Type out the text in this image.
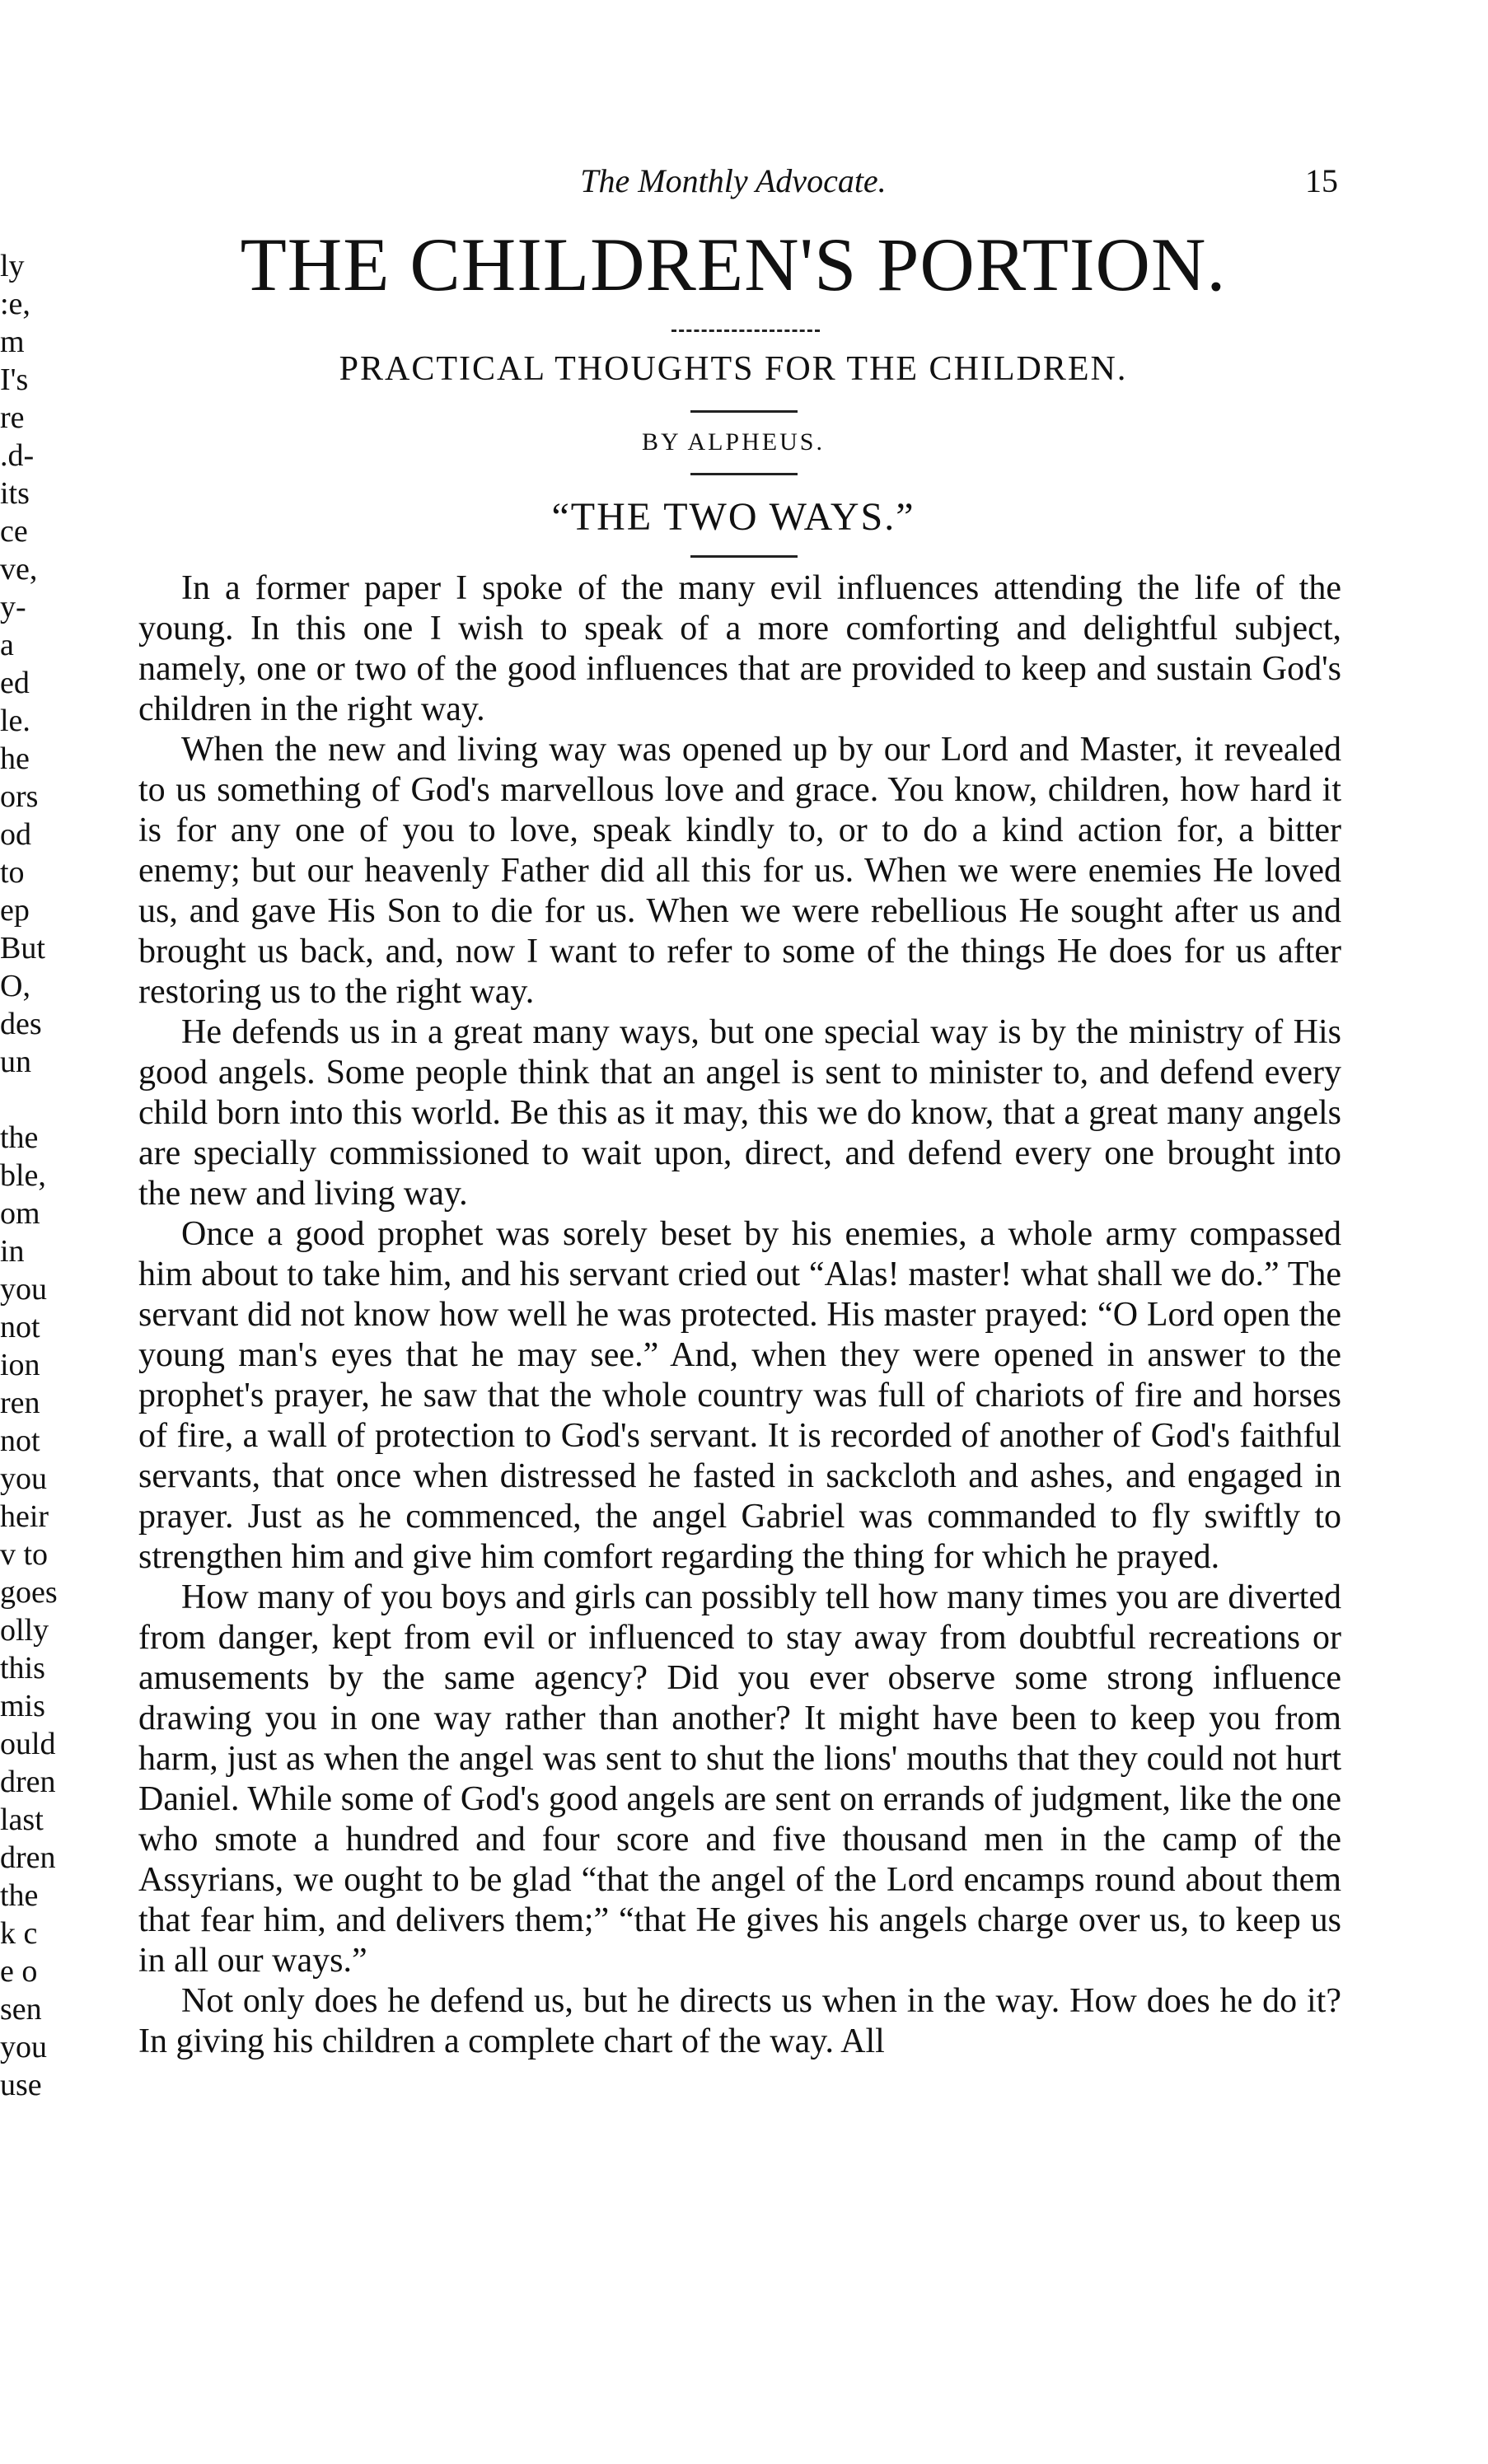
ly
:e,
m
I's
re
.d-
its
ce
ve,
y-
a
ed
le.
he
ors
od
to
ep
But
O,
des
un
the
ble,
om
in
you
not
ion
ren
not
you
heir
v to
goes
olly
this
mis
ould
dren
last
dren
the
k c
e o
sen
you
use
The Monthly Advocate.	15
THE CHILDREN'S PORTION.
PRACTICAL THOUGHTS FOR THE CHILDREN.
BY ALPHEUS.
“THE TWO WAYS.”

In a former paper I spoke of the many evil influences attending the life of the young. In this one I wish to speak of a more comforting and delightful subject, namely, one or two of the good influences that are provided to keep and sustain God's children in the right way.

When the new and living way was opened up by our Lord and Master, it revealed to us something of God's marvellous love and grace. You know, children, how hard it is for any one of you to love, speak kindly to, or to do a kind action for, a bitter enemy; but our heavenly Father did all this for us. When we were enemies He loved us, and gave His Son to die for us. When we were rebellious He sought after us and brought us back, and, now I want to refer to some of the things He does for us after restoring us to the right way.

He defends us in a great many ways, but one special way is by the ministry of His good angels. Some people think that an angel is sent to minister to, and defend every child born into this world. Be this as it may, this we do know, that a great many angels are specially commissioned to wait upon, direct, and defend every one brought into the new and living way.

Once a good prophet was sorely beset by his enemies, a whole army compassed him about to take him, and his servant cried out “Alas! master! what shall we do.” The servant did not know how well he was protected. His master prayed: “O Lord open the young man's eyes that he may see.” And, when they were opened in answer to the prophet's prayer, he saw that the whole country was full of chariots of fire and horses of fire, a wall of protection to God's servant. It is recorded of another of God's faithful servants, that once when distressed he fasted in sackcloth and ashes, and engaged in prayer. Just as he commenced, the angel Gabriel was commanded to fly swiftly to strengthen him and give him comfort regarding the thing for which he prayed.

How many of you boys and girls can possibly tell how many times you are diverted from danger, kept from evil or influenced to stay away from doubtful recreations or amusements by the same agency? Did you ever observe some strong influence drawing you in one way rather than another? It might have been to keep you from harm, just as when the angel was sent to shut the lions' mouths that they could not hurt Daniel. While some of God's good angels are sent on errands of judgment, like the one who smote a hundred and four score and five thousand men in the camp of the Assyrians, we ought to be glad “that the angel of the Lord encamps round about them that fear him, and delivers them;” “that He gives his angels charge over us, to keep us in all our ways.”

Not only does he defend us, but he directs us when in the way. How does he do it? In giving his children a complete chart of the way. All
